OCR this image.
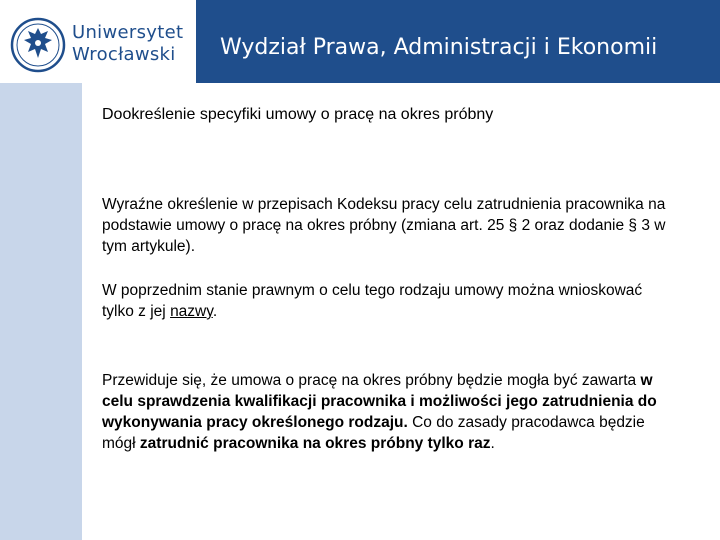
Wydział Prawa, Administracji i Ekonomii
Uniwersytet
Wrocławski
Dookreślenie specyfiki umowy o pracę na okres próbny

Wyraźne określenie w przepisach Kodeksu pracy celu zatrudnienia pracownika na podstawie umowy o pracę na okres próbny (zmiana art. 25 § 2 oraz dodanie § 3 w tym artykule).

W poprzednim stanie prawnym o celu tego rodzaju umowy można wnioskować tylko z jej nazwy.

Przewiduje się, że umowa o pracę na okres próbny będzie mogła być zawarta w celu sprawdzenia kwalifikacji pracownika i możliwości jego zatrudnienia do wykonywania pracy określonego rodzaju. Co do zasady pracodawca będzie mógł zatrudnić pracownika na okres próbny tylko raz.
